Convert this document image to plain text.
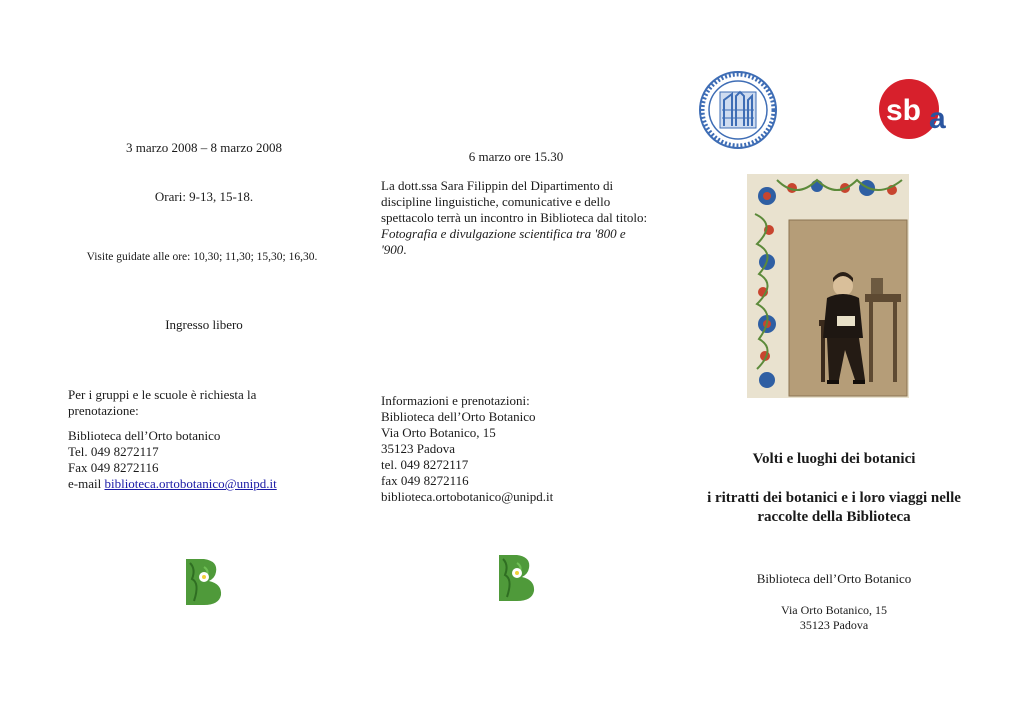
3 marzo 2008 – 8 marzo 2008
Orari: 9-13, 15-18.
Visite guidate alle ore: 10,30; 11,30; 15,30; 16,30.
Ingresso libero
Per i gruppi e le scuole è richiesta la prenotazione:
Biblioteca dell’Orto botanico
Tel. 049 8272117
Fax 049 8272116
e-mail biblioteca.ortobotanico@unipd.it
6 marzo ore 15.30
La dott.ssa Sara Filippin del Dipartimento di discipline linguistiche, comunicative e dello spettacolo terrà un incontro in Biblioteca dal titolo: Fotografia e divulgazione scientifica tra '800 e '900.
Informazioni e prenotazioni:
Biblioteca dell’Orto Botanico
Via Orto Botanico, 15
35123 Padova
tel. 049 8272117
fax 049 8272116
biblioteca.ortobotanico@unipd.it
sb a
Volti e luoghi dei botanici
i ritratti dei botanici e i loro viaggi nelle raccolte della Biblioteca
Biblioteca dell’Orto Botanico
Via Orto Botanico, 15
35123 Padova
